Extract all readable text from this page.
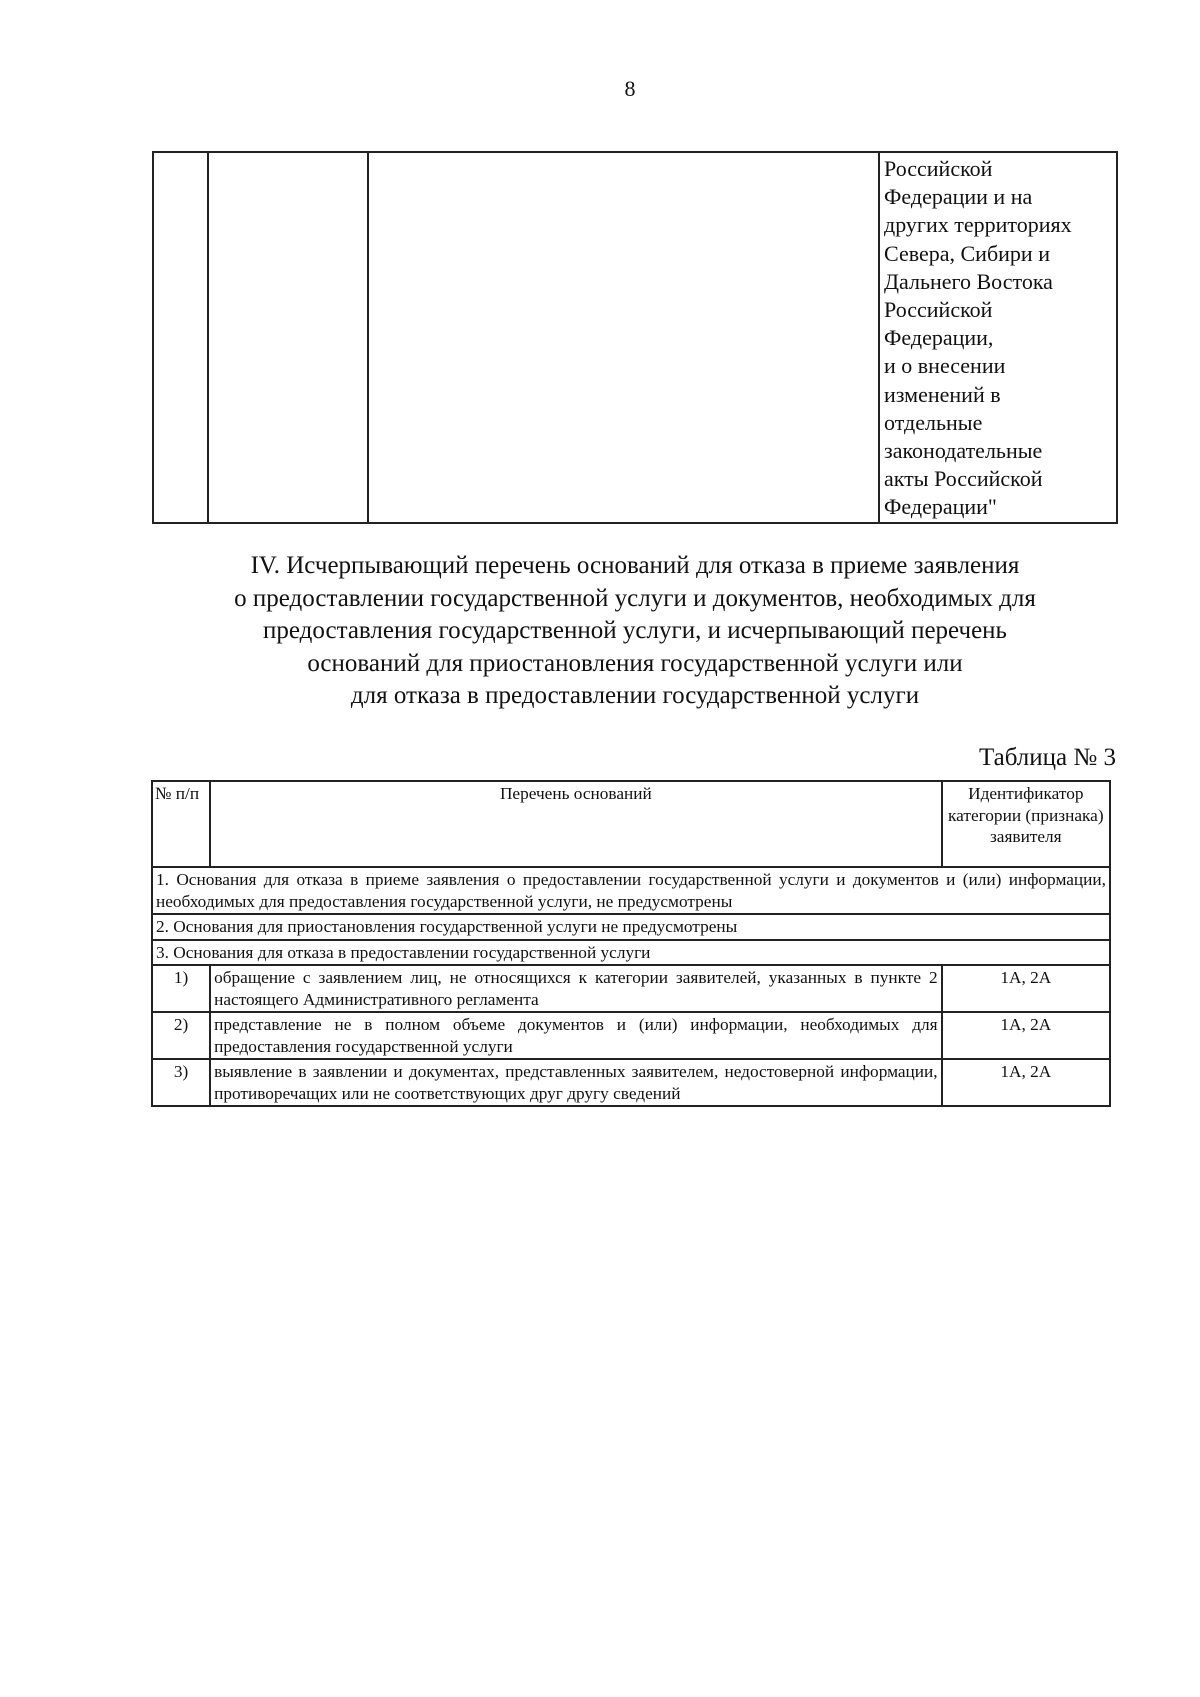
8

Российской
Федерации и на
других территориях
Севера, Сибири и
Дальнего Востока
Российской
Федерации,
и о внесении
изменений в
отдельные
законодательные
акты Российской
Федерации"
IV. Исчерпывающий перечень оснований для отказа в приеме заявления
о предоставлении государственной услуги и документов, необходимых для
предоставления государственной услуги, и исчерпывающий перечень
оснований для приостановления государственной услуги или
для отказа в предоставлении государственной услуги
Таблица № 3
№ п/п	Перечень оснований	Идентификатор категории (признака) заявителя
1. Основания для отказа в приеме заявления о предоставлении государственной услуги и документов и (или) информации, необходимых для предоставления государственной услуги, не предусмотрены		
2. Основания для приостановления государственной услуги не предусмотрены		
3. Основания для отказа в предоставлении государственной услуги		
1)	обращение с заявлением лиц, не относящихся к категории заявителей, указанных в пункте 2 настоящего Административного регламента	1А, 2А
2)	представление не в полном объеме документов и (или) информации, необходимых для предоставления государственной услуги	1А, 2А
3)	выявление в заявлении и документах, представленных заявителем, недостоверной информации, противоречащих или не соответствующих друг другу сведений	1А, 2А
